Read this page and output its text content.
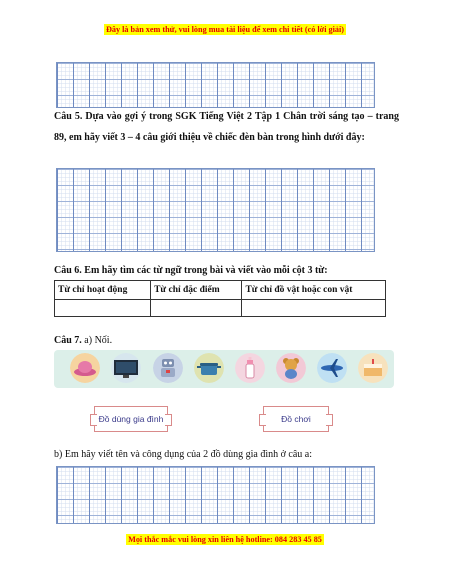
Đây là bản xem thử, vui lòng mua tài liệu để xem chi tiết (có lời giải)
Câu 5. Dựa vào gợi ý trong SGK Tiếng Việt 2 Tập 1 Chân trời sáng tạo – trang 89, em hãy viết 3 – 4 câu giới thiệu về chiếc đèn bàn trong hình dưới đây:
Câu 6. Em hãy tìm các từ ngữ trong bài và viết vào mỗi cột 3 từ:
Từ chỉ hoạt động	Từ chỉ đặc điểm	Từ chỉ đồ vật hoặc con vật

Câu 7. a) Nối.
Đồ dùng gia đình	Đồ chơi
b) Em hãy viết tên và công dụng của 2 đồ dùng gia đình ở câu a:
Mọi thắc mắc vui lòng xin liên hệ hotline: 084 283 45 85
